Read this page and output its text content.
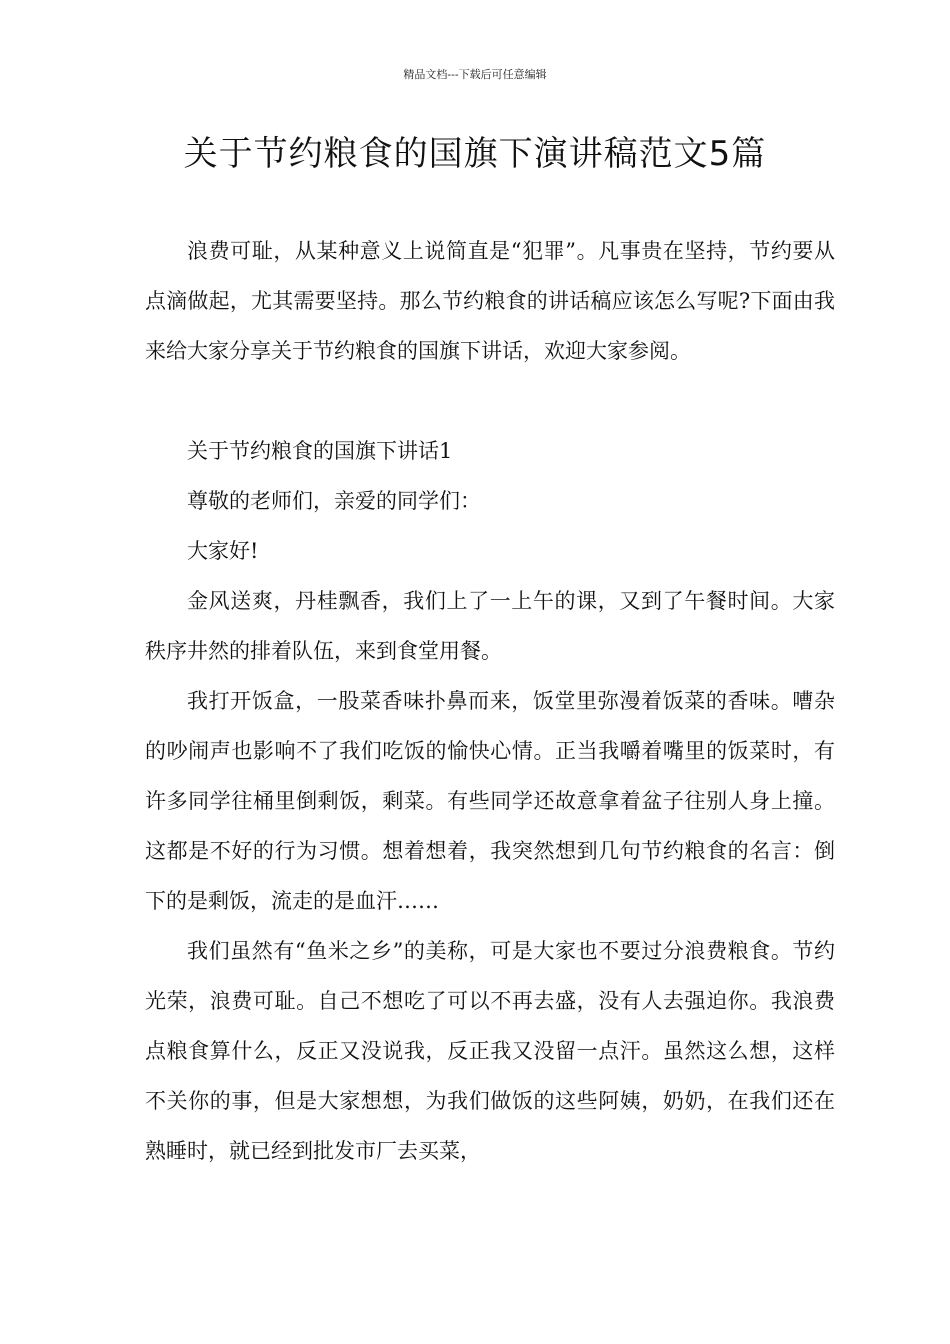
精品文档---下载后可任意编辑
关于节约粮食的国旗下演讲稿范文5篇

浪费可耻，从某种意义上说简直是“犯罪”。凡事贵在坚持，节约要从点滴做起，尤其需要坚持。那么节约粮食的讲话稿应该怎么写呢?下面由我来给大家分享关于节约粮食的国旗下讲话，欢迎大家参阅。

关于节约粮食的国旗下讲话1

尊敬的老师们，亲爱的同学们：

大家好!

金风送爽，丹桂飘香，我们上了一上午的课，又到了午餐时间。大家秩序井然的排着队伍，来到食堂用餐。

我打开饭盒，一股菜香味扑鼻而来，饭堂里弥漫着饭菜的香味。嘈杂的吵闹声也影响不了我们吃饭的愉快心情。正当我嚼着嘴里的饭菜时，有许多同学往桶里倒剩饭，剩菜。有些同学还故意拿着盆子往别人身上撞。这都是不好的行为习惯。想着想着，我突然想到几句节约粮食的名言：倒下的是剩饭，流走的是血汗……

我们虽然有“鱼米之乡”的美称，可是大家也不要过分浪费粮食。节约光荣，浪费可耻。自己不想吃了可以不再去盛，没有人去强迫你。我浪费点粮食算什么，反正又没说我，反正我又没留一点汗。虽然这么想，这样不关你的事，但是大家想想，为我们做饭的这些阿姨，奶奶，在我们还在熟睡时，就已经到批发市厂去买菜，
